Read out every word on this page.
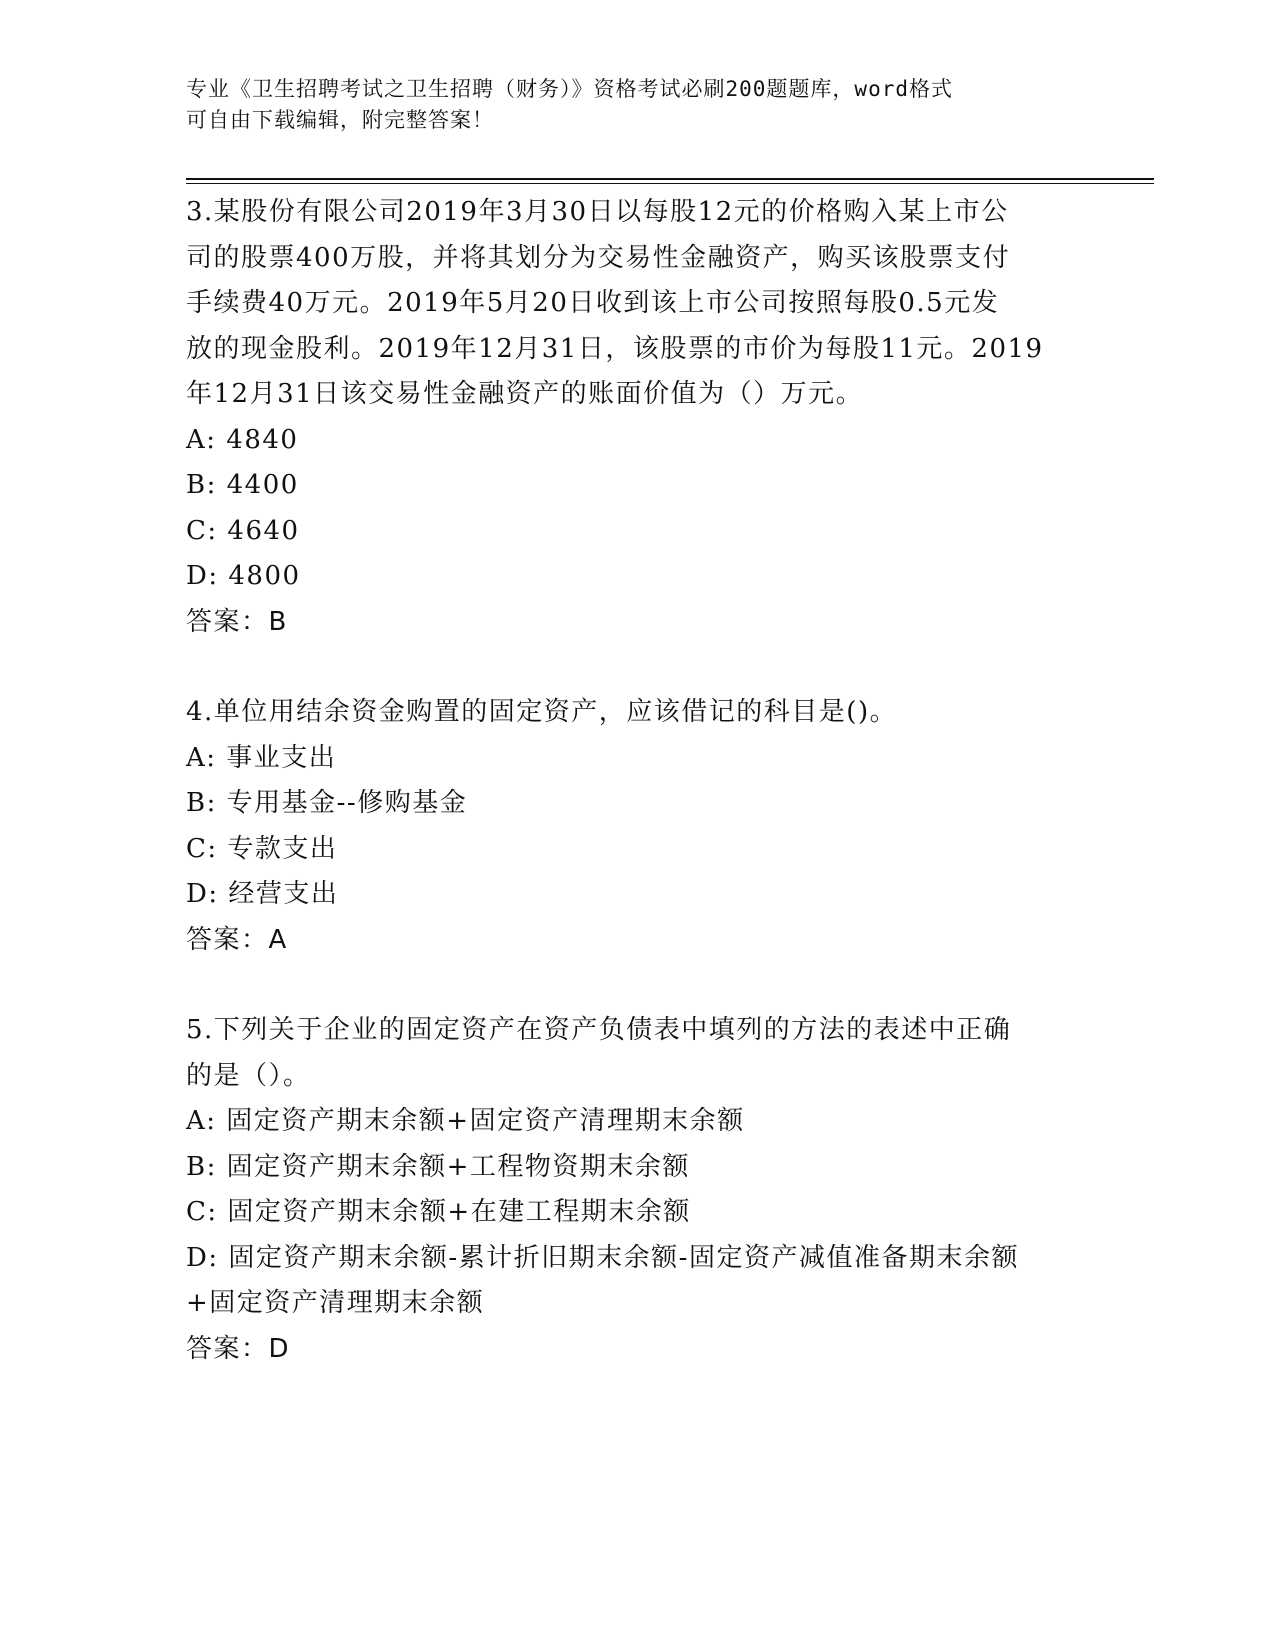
专业《卫生招聘考试之卫生招聘（财务）》资格考试必刷200题题库，word格式
可自由下载编辑，附完整答案！

3.某股份有限公司2019年3月30日以每股12元的价格购入某上市公

司的股票400万股，并将其划分为交易性金融资产，购买该股票支付

手续费40万元。2019年5月20日收到该上市公司按照每股0.5元发

放的现金股利。2019年12月31日，该股票的市价为每股11元。2019

年12月31日该交易性金融资产的账面价值为（）万元。

A: 4840

B: 4400

C: 4640

D: 4800

答案：B

4.单位用结余资金购置的固定资产，应该借记的科目是()。

A: 事业支出

B: 专用基金--修购基金

C: 专款支出

D: 经营支出

答案：A

5.下列关于企业的固定资产在资产负债表中填列的方法的表述中正确

的是（）。

A: 固定资产期末余额+固定资产清理期末余额

B: 固定资产期末余额+工程物资期末余额

C: 固定资产期末余额+在建工程期末余额

D: 固定资产期末余额-累计折旧期末余额-固定资产减值准备期末余额

+固定资产清理期末余额

答案：D
